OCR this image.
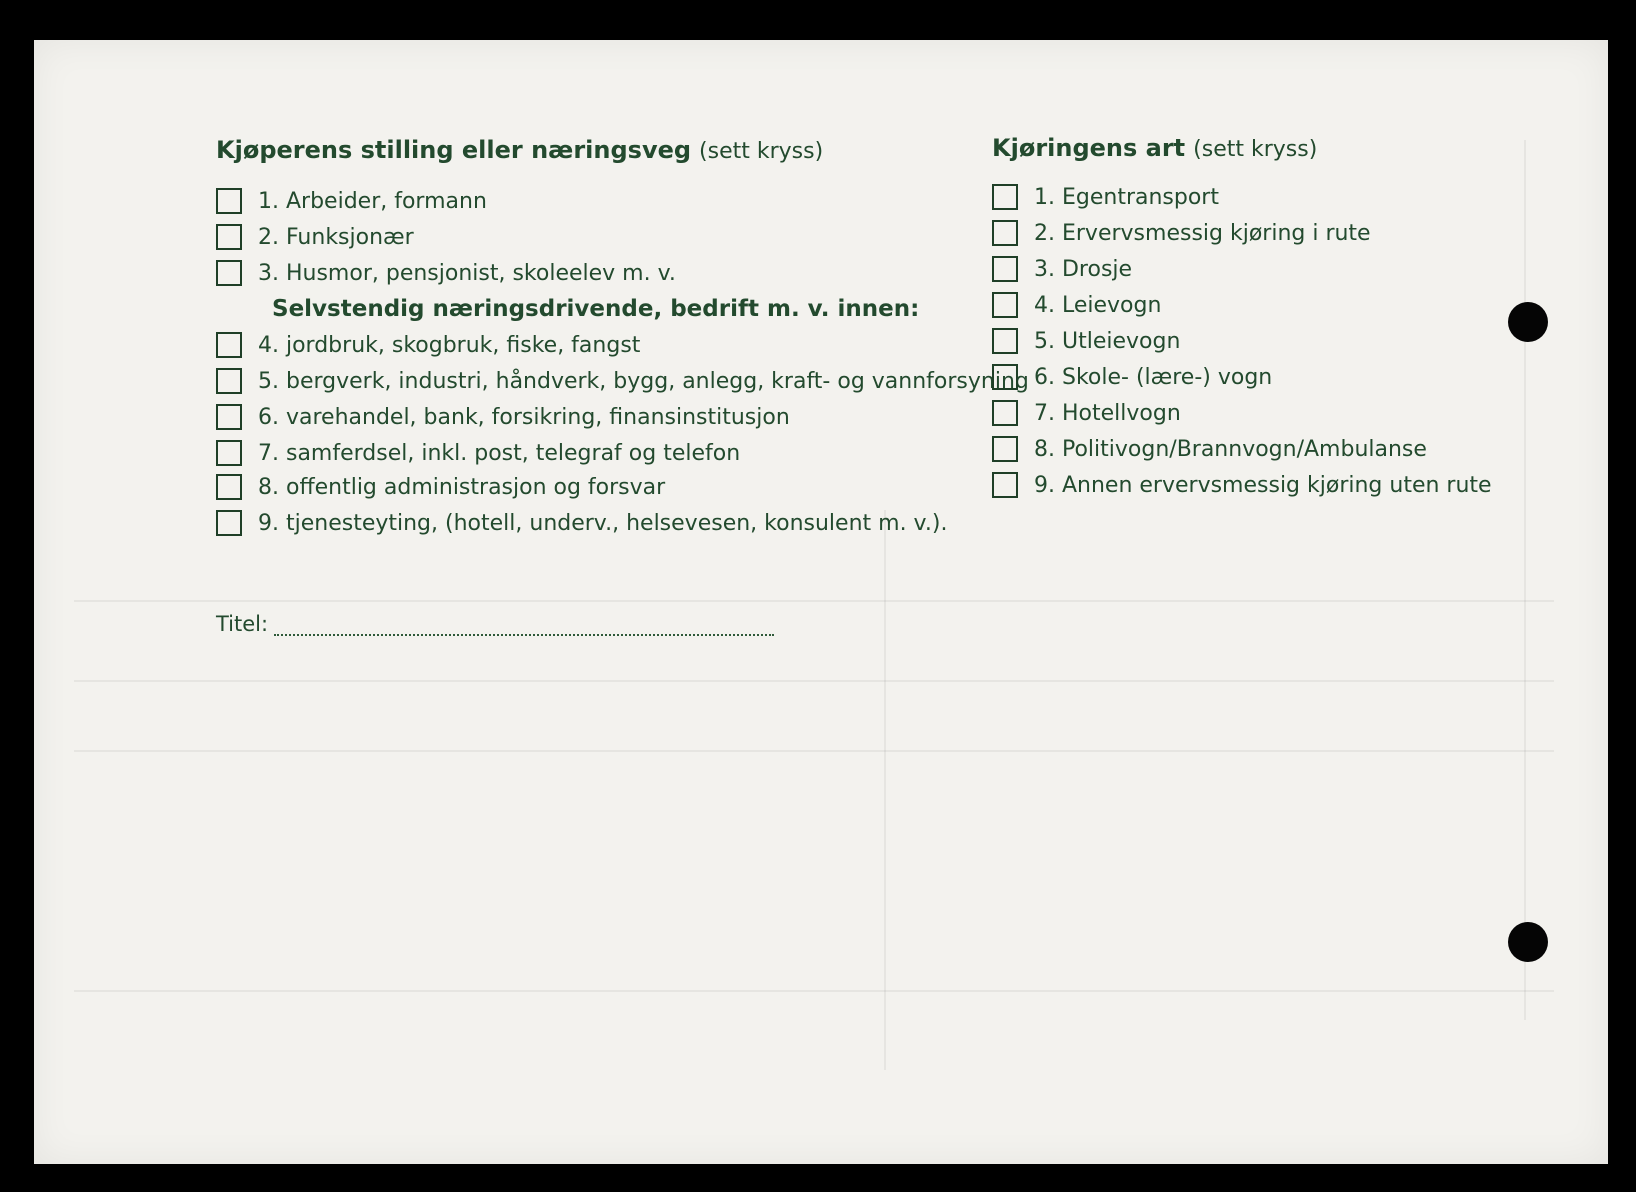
Kjøperens stilling eller næringsveg (sett kryss)
1. Arbeider, formann
2. Funksjonær
3. Husmor, pensjonist, skoleelev m. v.
Selvstendig næringsdrivende, bedrift m. v. innen:
4. jordbruk, skogbruk, fiske, fangst
5. bergverk, industri, håndverk, bygg, anlegg, kraft- og vannforsyning
6. varehandel, bank, forsikring, finansinstitusjon
7. samferdsel, inkl. post, telegraf og telefon
8. offentlig administrasjon og forsvar
9. tjenesteyting, (hotell, underv., helsevesen, konsulent m. v.).
Titel:
Kjøringens art (sett kryss)
1. Egentransport
2. Ervervsmessig kjøring i rute
3. Drosje
4. Leievogn
5. Utleievogn
6. Skole- (lære-) vogn
7. Hotellvogn
8. Politivogn/Brannvogn/Ambulanse
9. Annen ervervsmessig kjøring uten rute
